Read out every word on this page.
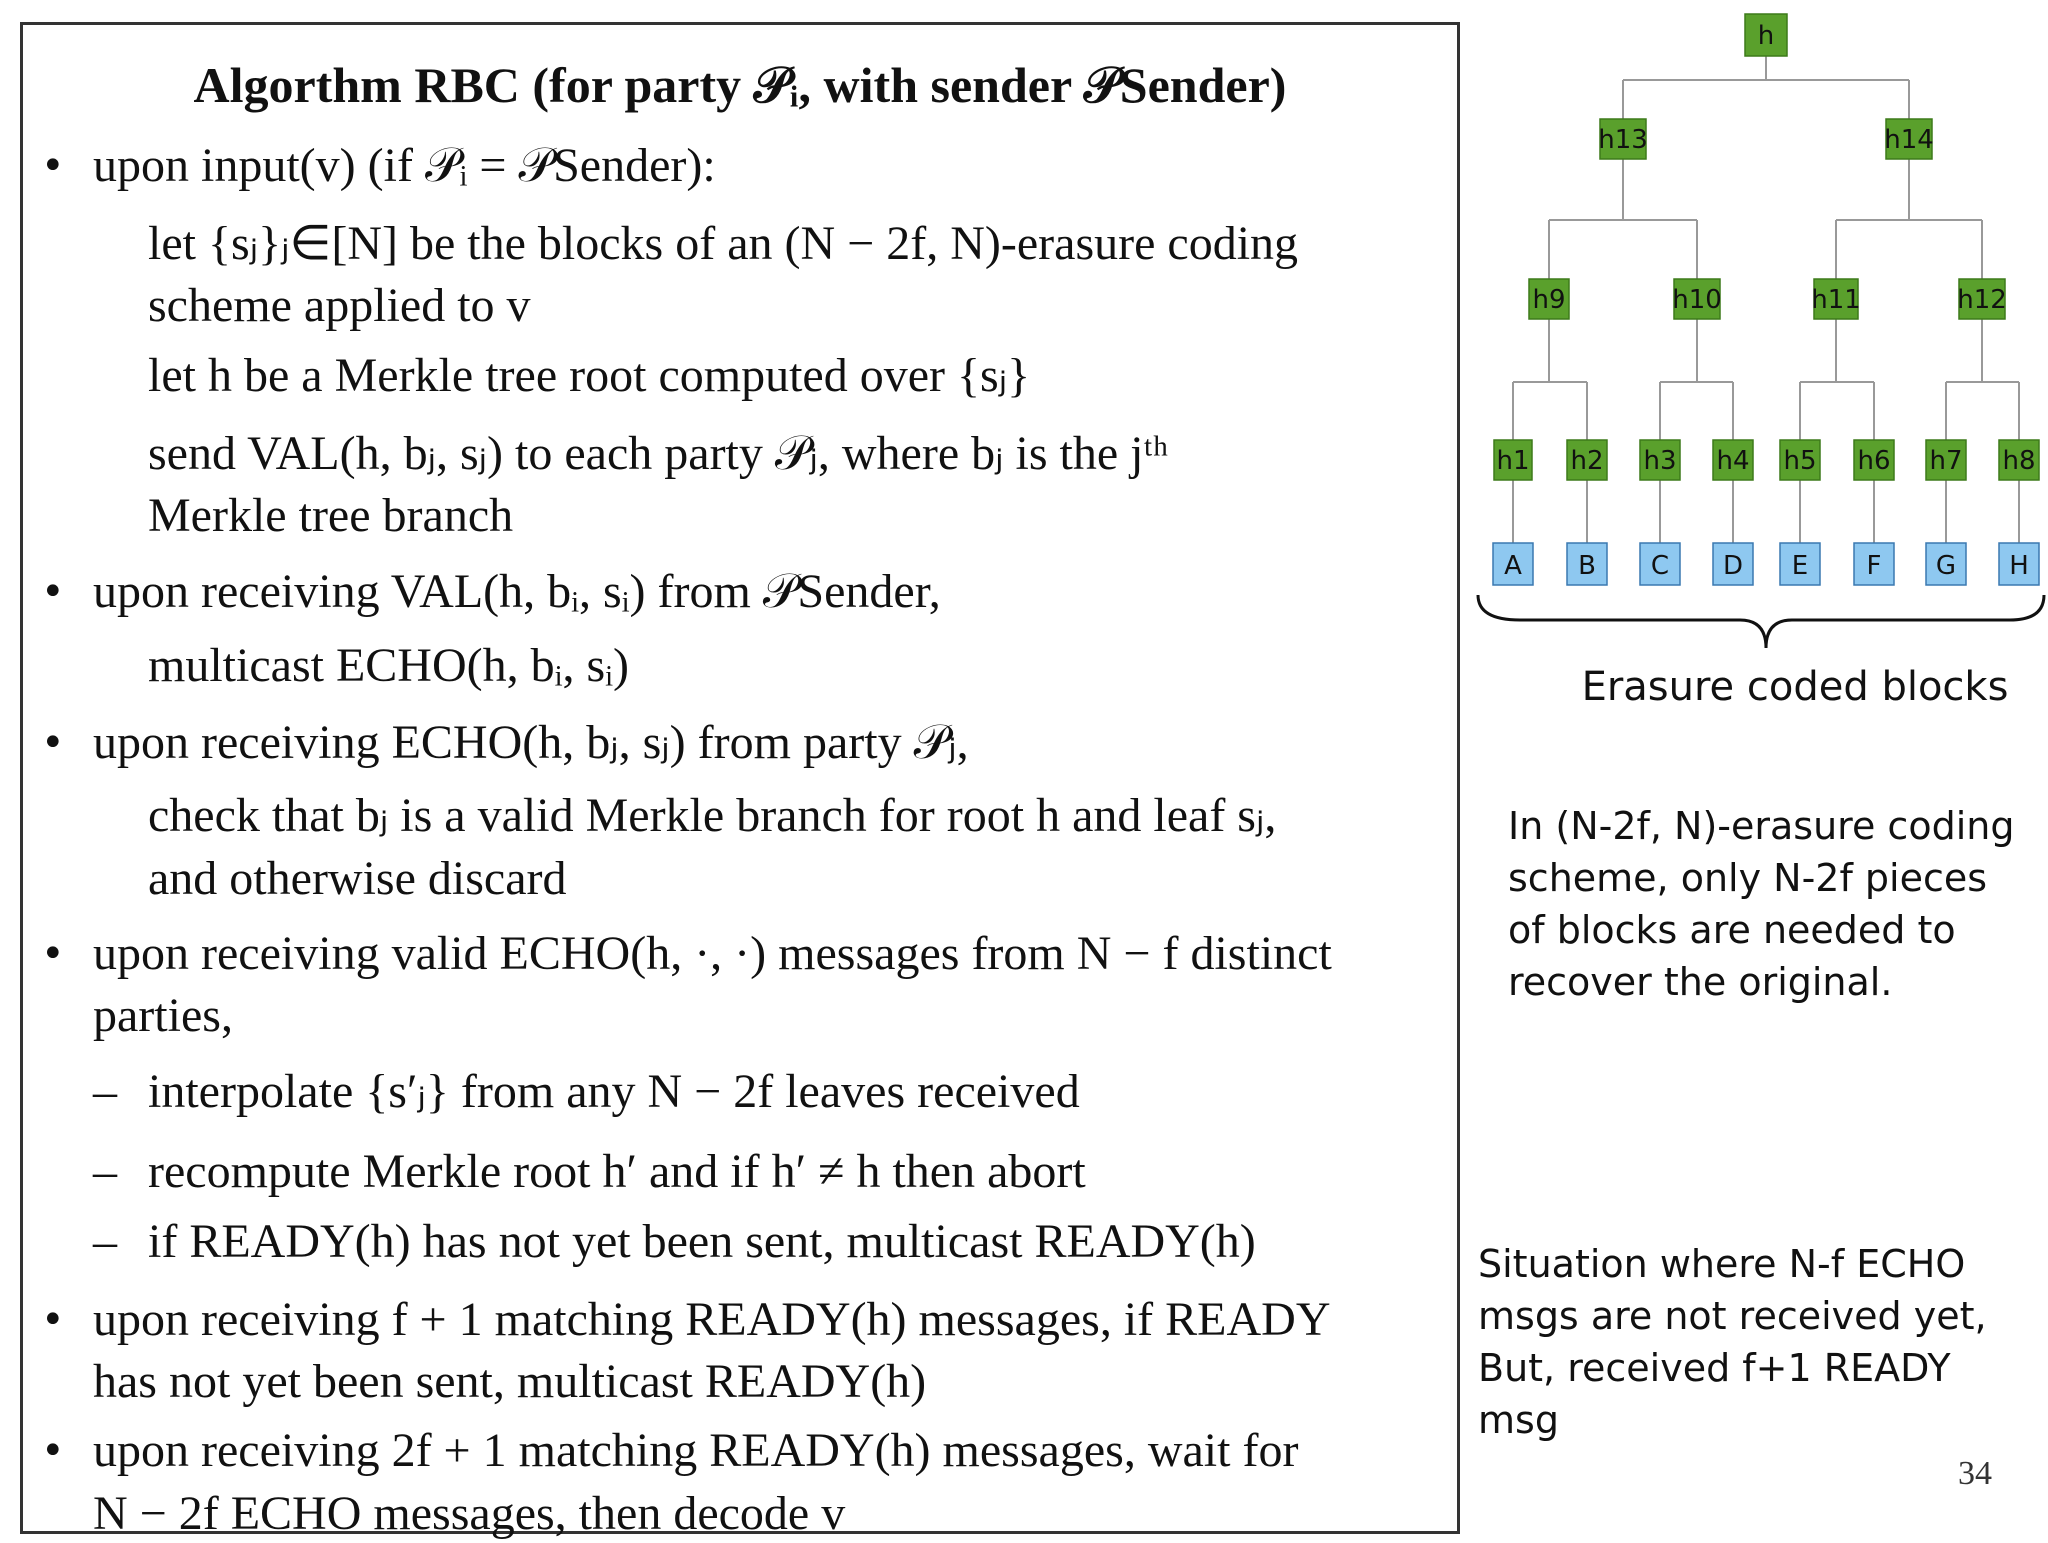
Algorthm RBC (for party 𝒫ᵢ, with sender 𝒫Sender)
•
•
•
•
•
•
–
–
–
upon input(v) (if 𝒫ᵢ = 𝒫Sender):
let {sⱼ}ⱼ∈[N] be the blocks of an (N − 2f, N)-erasure coding
scheme applied to v
let h be a Merkle tree root computed over {sⱼ}
send VAL(h, bⱼ, sⱼ) to each party 𝒫ⱼ, where bⱼ is the jᵗʰ
Merkle tree branch
upon receiving VAL(h, bᵢ, sᵢ) from 𝒫Sender,
multicast ECHO(h, bᵢ, sᵢ)
upon receiving ECHO(h, bⱼ, sⱼ) from party 𝒫ⱼ,
check that bⱼ is a valid Merkle branch for root h and leaf sⱼ,
and otherwise discard
upon receiving valid ECHO(h, ·, ·) messages from N − f distinct
parties,
interpolate {s′ⱼ} from any N − 2f leaves received
recompute Merkle root h′ and if h′ ≠ h then abort
if READY(h) has not yet been sent, multicast READY(h)
upon receiving f + 1 matching READY(h) messages, if READY
has not yet been sent, multicast READY(h)
upon receiving 2f + 1 matching READY(h) messages, wait for
N − 2f ECHO messages, then decode v
h
h13	h14
h9	h10	h11	h12
h1 h2 h3 h4 h5 h6 h7 h8
A B C D E F G H
Erasure coded blocks
In (N-2f, N)-erasure coding scheme, only N-2f pieces of blocks are needed to recover the original.
Situation where N-f ECHO
msgs are not received yet,
But, received f+1 READY
msg
34
